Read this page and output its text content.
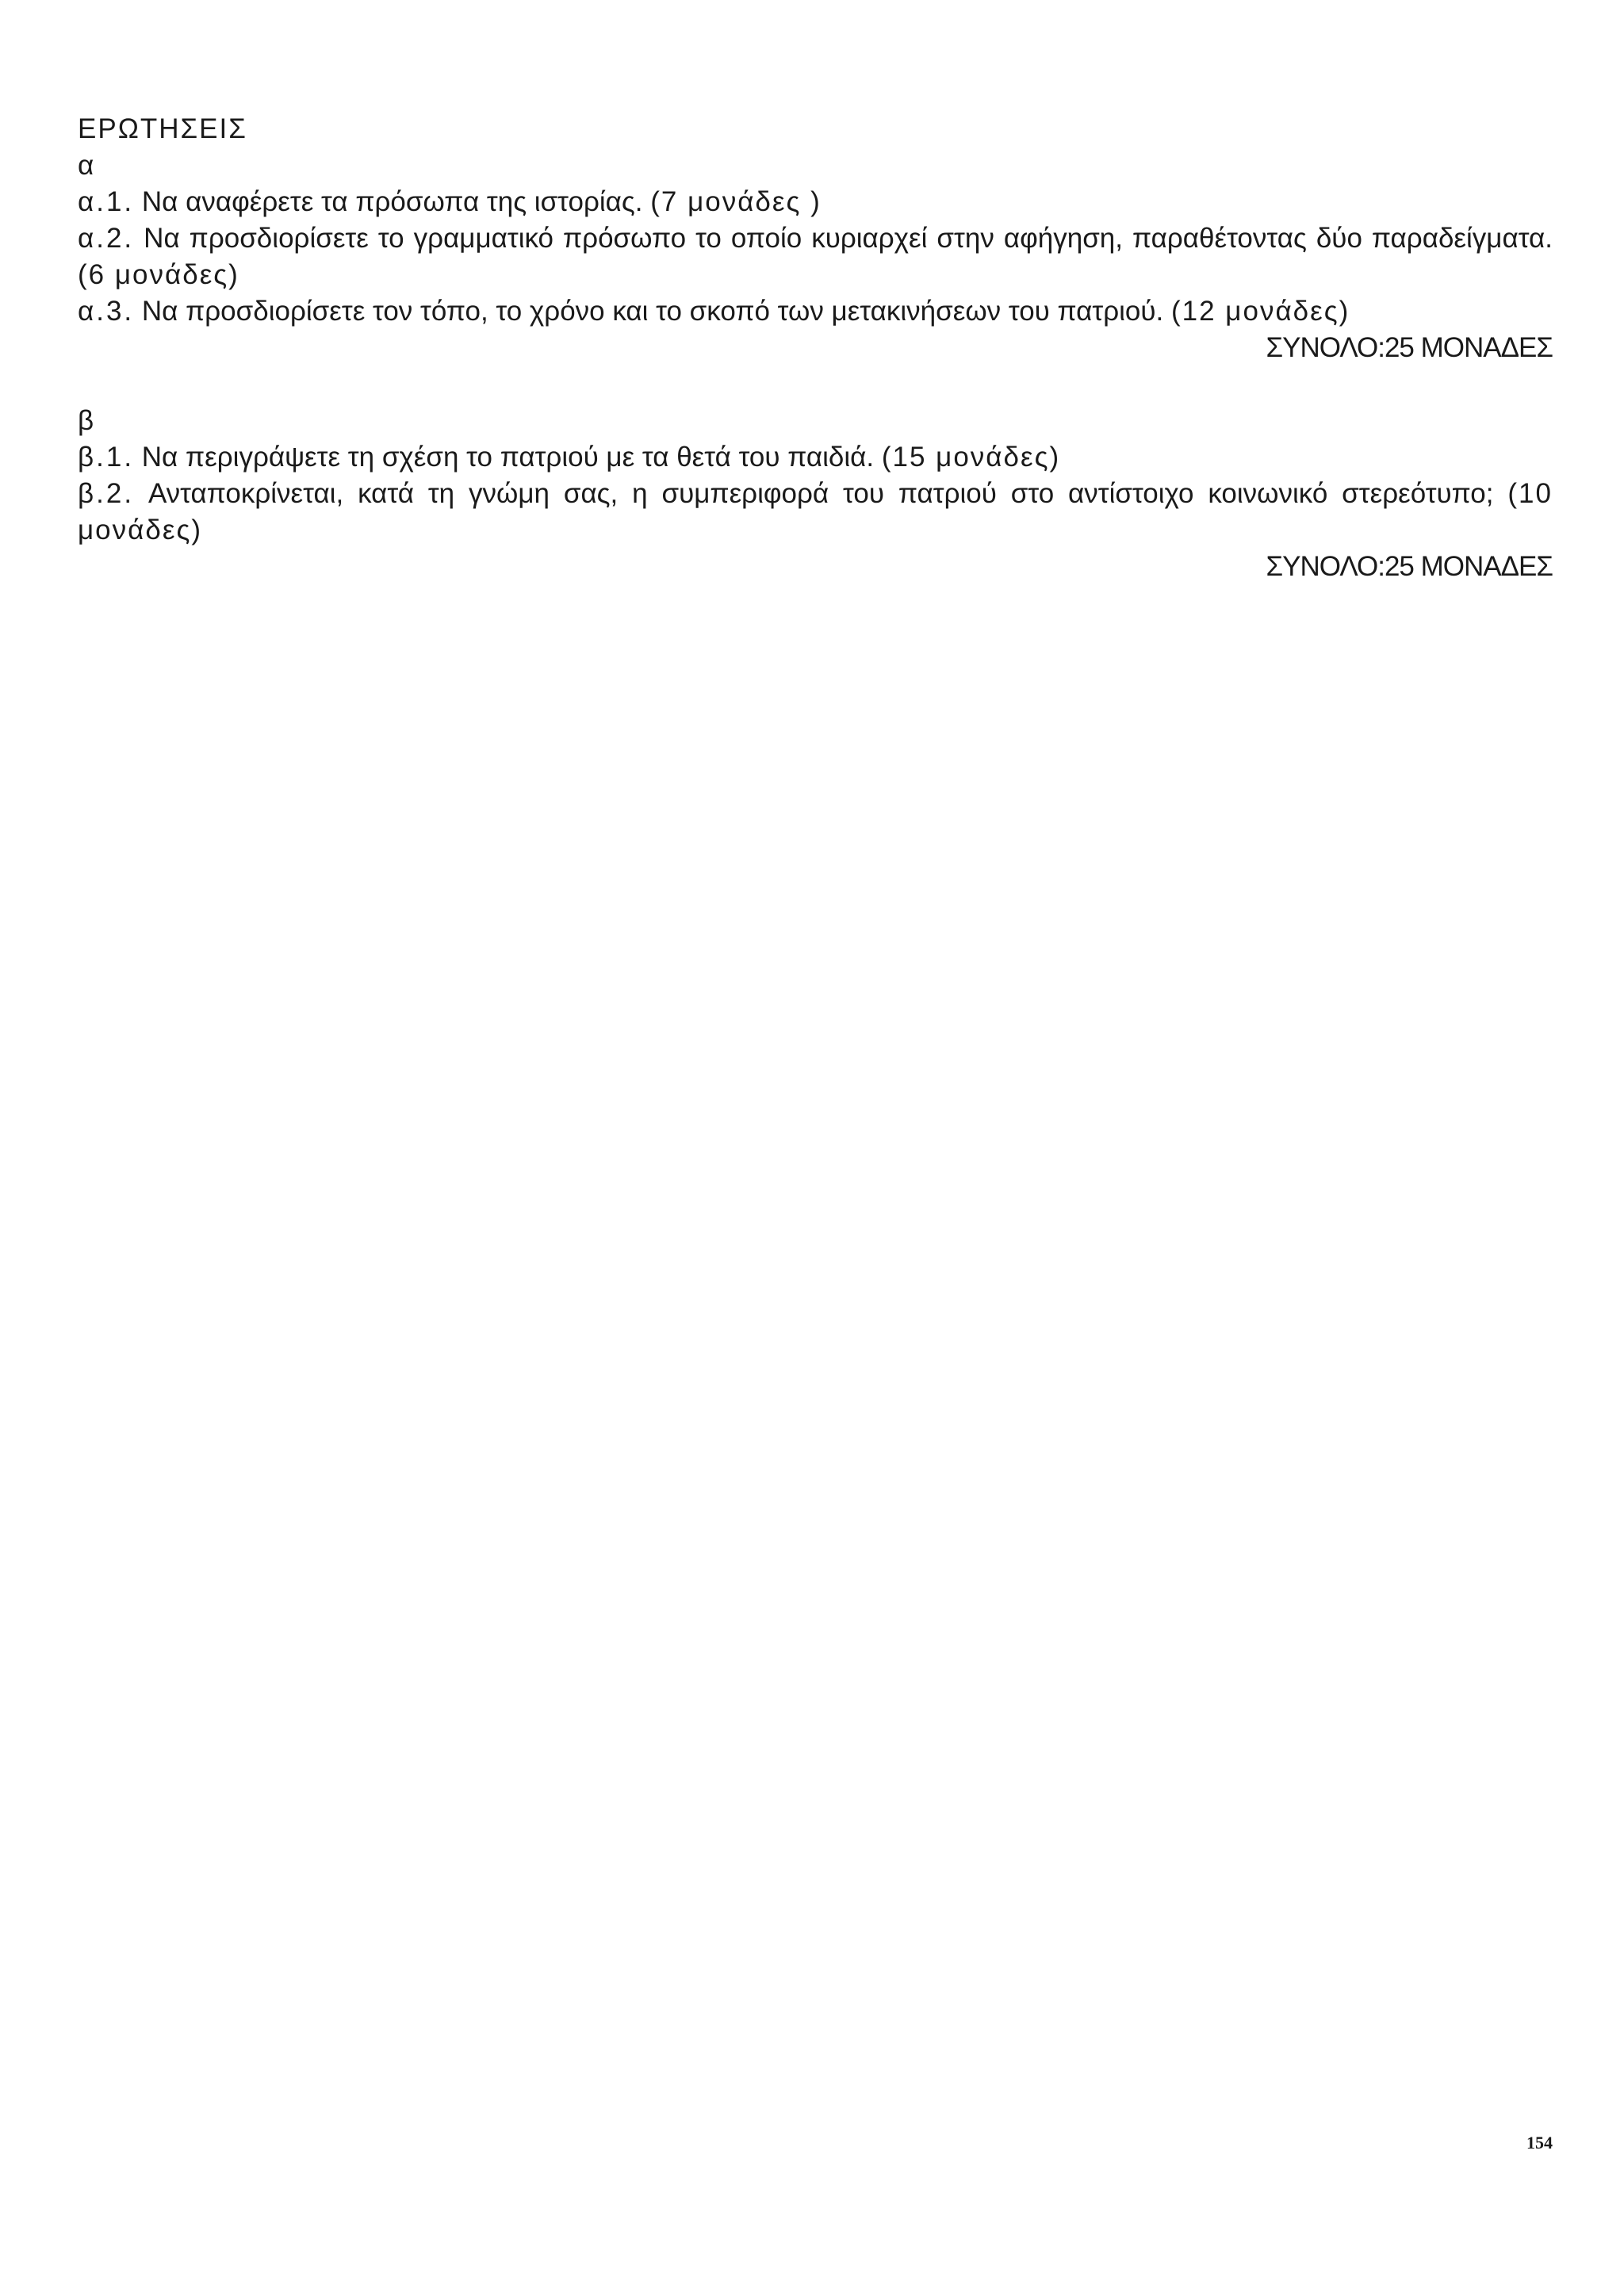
ΕΡΩΤΗΣΕΙΣ

α

α.1. Να αναφέρετε τα πρόσωπα της ιστορίας. (7 μονάδες )

α.2. Να προσδιορίσετε το γραμματικό πρόσωπο το οποίο κυριαρχεί στην αφήγηση, παραθέτοντας δύο παραδείγματα. (6 μονάδες)

α.3. Να προσδιορίσετε τον τόπο, το χρόνο και το σκοπό των μετακινήσεων του πατριού. (12 μονάδες)

ΣΥΝΟΛΟ:25 ΜΟΝΑΔΕΣ

β

β.1. Να περιγράψετε τη σχέση το πατριού με τα θετά του παιδιά. (15 μονάδες)

β.2. Ανταποκρίνεται, κατά τη γνώμη σας, η συμπεριφορά του πατριού στο αντίστοιχο κοινωνικό στερεότυπο; (10 μονάδες)

ΣΥΝΟΛΟ:25 ΜΟΝΑΔΕΣ

154
